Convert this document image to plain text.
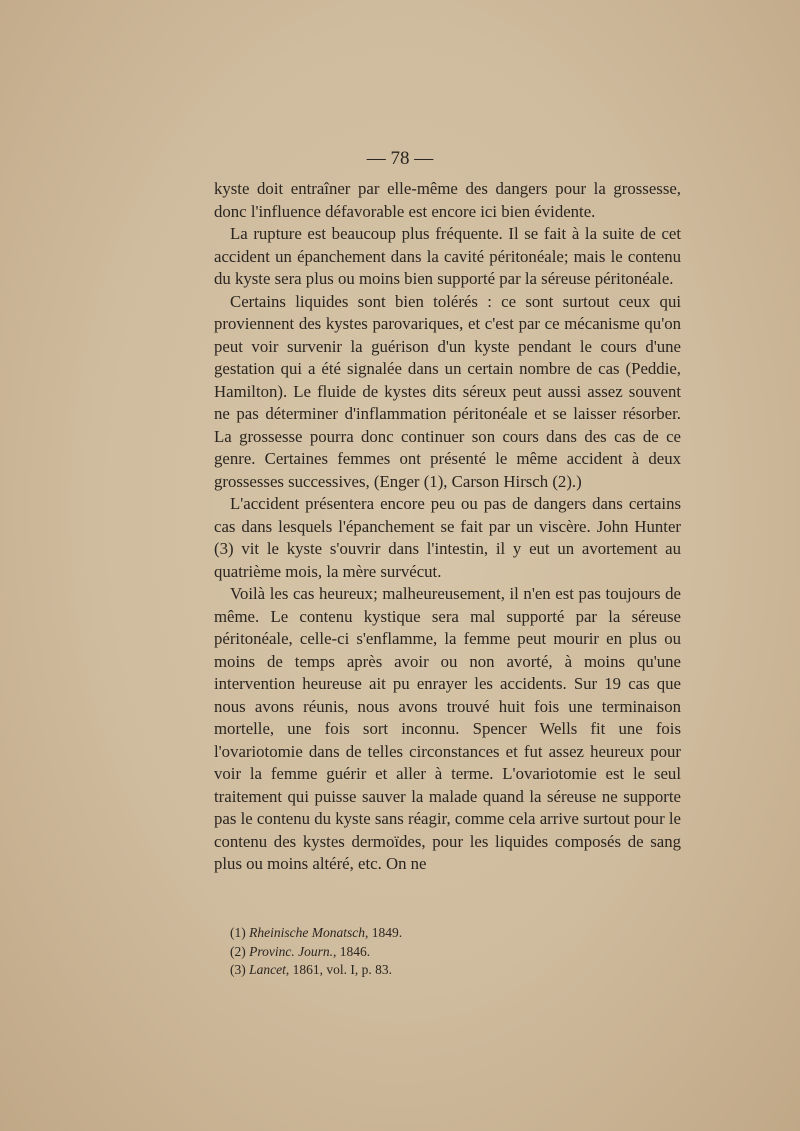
— 78 —

kyste doit entraîner par elle-même des dangers pour la grossesse, donc l'influence défavorable est encore ici bien évidente.

La rupture est beaucoup plus fréquente. Il se fait à la suite de cet accident un épanchement dans la cavité péritonéale; mais le contenu du kyste sera plus ou moins bien supporté par la séreuse péritonéale.

Certains liquides sont bien tolérés : ce sont surtout ceux qui proviennent des kystes parovariques, et c'est par ce mécanisme qu'on peut voir survenir la guérison d'un kyste pendant le cours d'une gestation qui a été signalée dans un certain nombre de cas (Peddie, Hamilton). Le fluide de kystes dits séreux peut aussi assez souvent ne pas déterminer d'inflammation péritonéale et se laisser résorber. La grossesse pourra donc continuer son cours dans des cas de ce genre. Certaines femmes ont présenté le même accident à deux grossesses successives, (Enger (1), Carson Hirsch (2).)

L'accident présentera encore peu ou pas de dangers dans certains cas dans lesquels l'épanchement se fait par un viscère. John Hunter (3) vit le kyste s'ouvrir dans l'intestin, il y eut un avortement au quatrième mois, la mère survécut.

Voilà les cas heureux; malheureusement, il n'en est pas toujours de même. Le contenu kystique sera mal supporté par la séreuse péritonéale, celle-ci s'enflamme, la femme peut mourir en plus ou moins de temps après avoir ou non avorté, à moins qu'une intervention heureuse ait pu enrayer les accidents. Sur 19 cas que nous avons réunis, nous avons trouvé huit fois une terminaison mortelle, une fois sort inconnu. Spencer Wells fit une fois l'ovariotomie dans de telles circonstances et fut assez heureux pour voir la femme guérir et aller à terme. L'ovariotomie est le seul traitement qui puisse sauver la malade quand la séreuse ne supporte pas le contenu du kyste sans réagir, comme cela arrive surtout pour le contenu des kystes dermoïdes, pour les liquides composés de sang plus ou moins altéré, etc. On ne

(1) Rheinische Monatsch, 1849.
(2) Provinc. Journ., 1846.
(3) Lancet, 1861, vol. I, p. 83.
